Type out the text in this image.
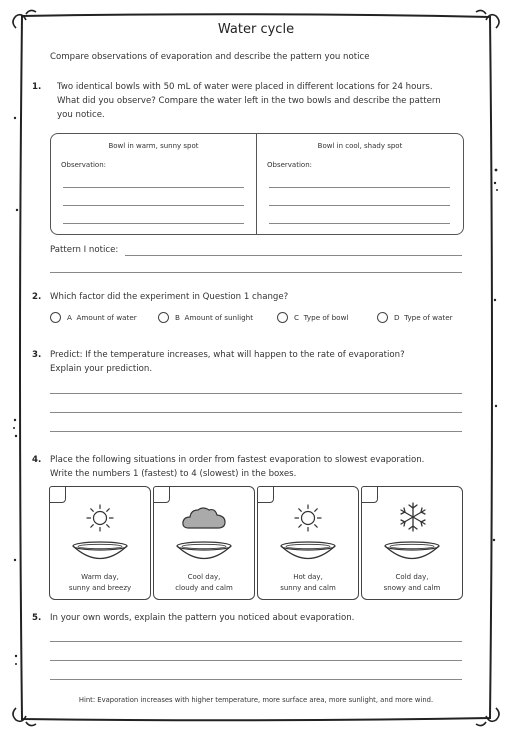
Water cycle
Compare observations of evaporation and describe the pattern you notice
1. Two identical bowls with 50 mL of water were placed in different locations for 24 hours.
What did you observe? Compare the water left in the two bowls and describe the pattern
you notice.
Bowl in warm, sunny spot
Observation:
Bowl in cool, shady spot
Observation:
Pattern I notice:
2. Which factor did the experiment in Question 1 change?
A
Amount of water	B
Amount of sunlight	C
Type of bowl	D
Type of water
3. Predict: If the temperature increases, what will happen to the rate of evaporation?
Explain your prediction.
4. Place the following situations in order from fastest evaporation to slowest evaporation.
Write the numbers 1 (fastest) to 4 (slowest) in the boxes.
Warm day,
sunny and breezy
Cool day,
cloudy and calm
Hot day,
sunny and calm
Cold day,
snowy and calm
5. In your own words, explain the pattern you noticed about evaporation.
Hint: Evaporation increases with higher temperature, more surface area, more sunlight, and more wind.
